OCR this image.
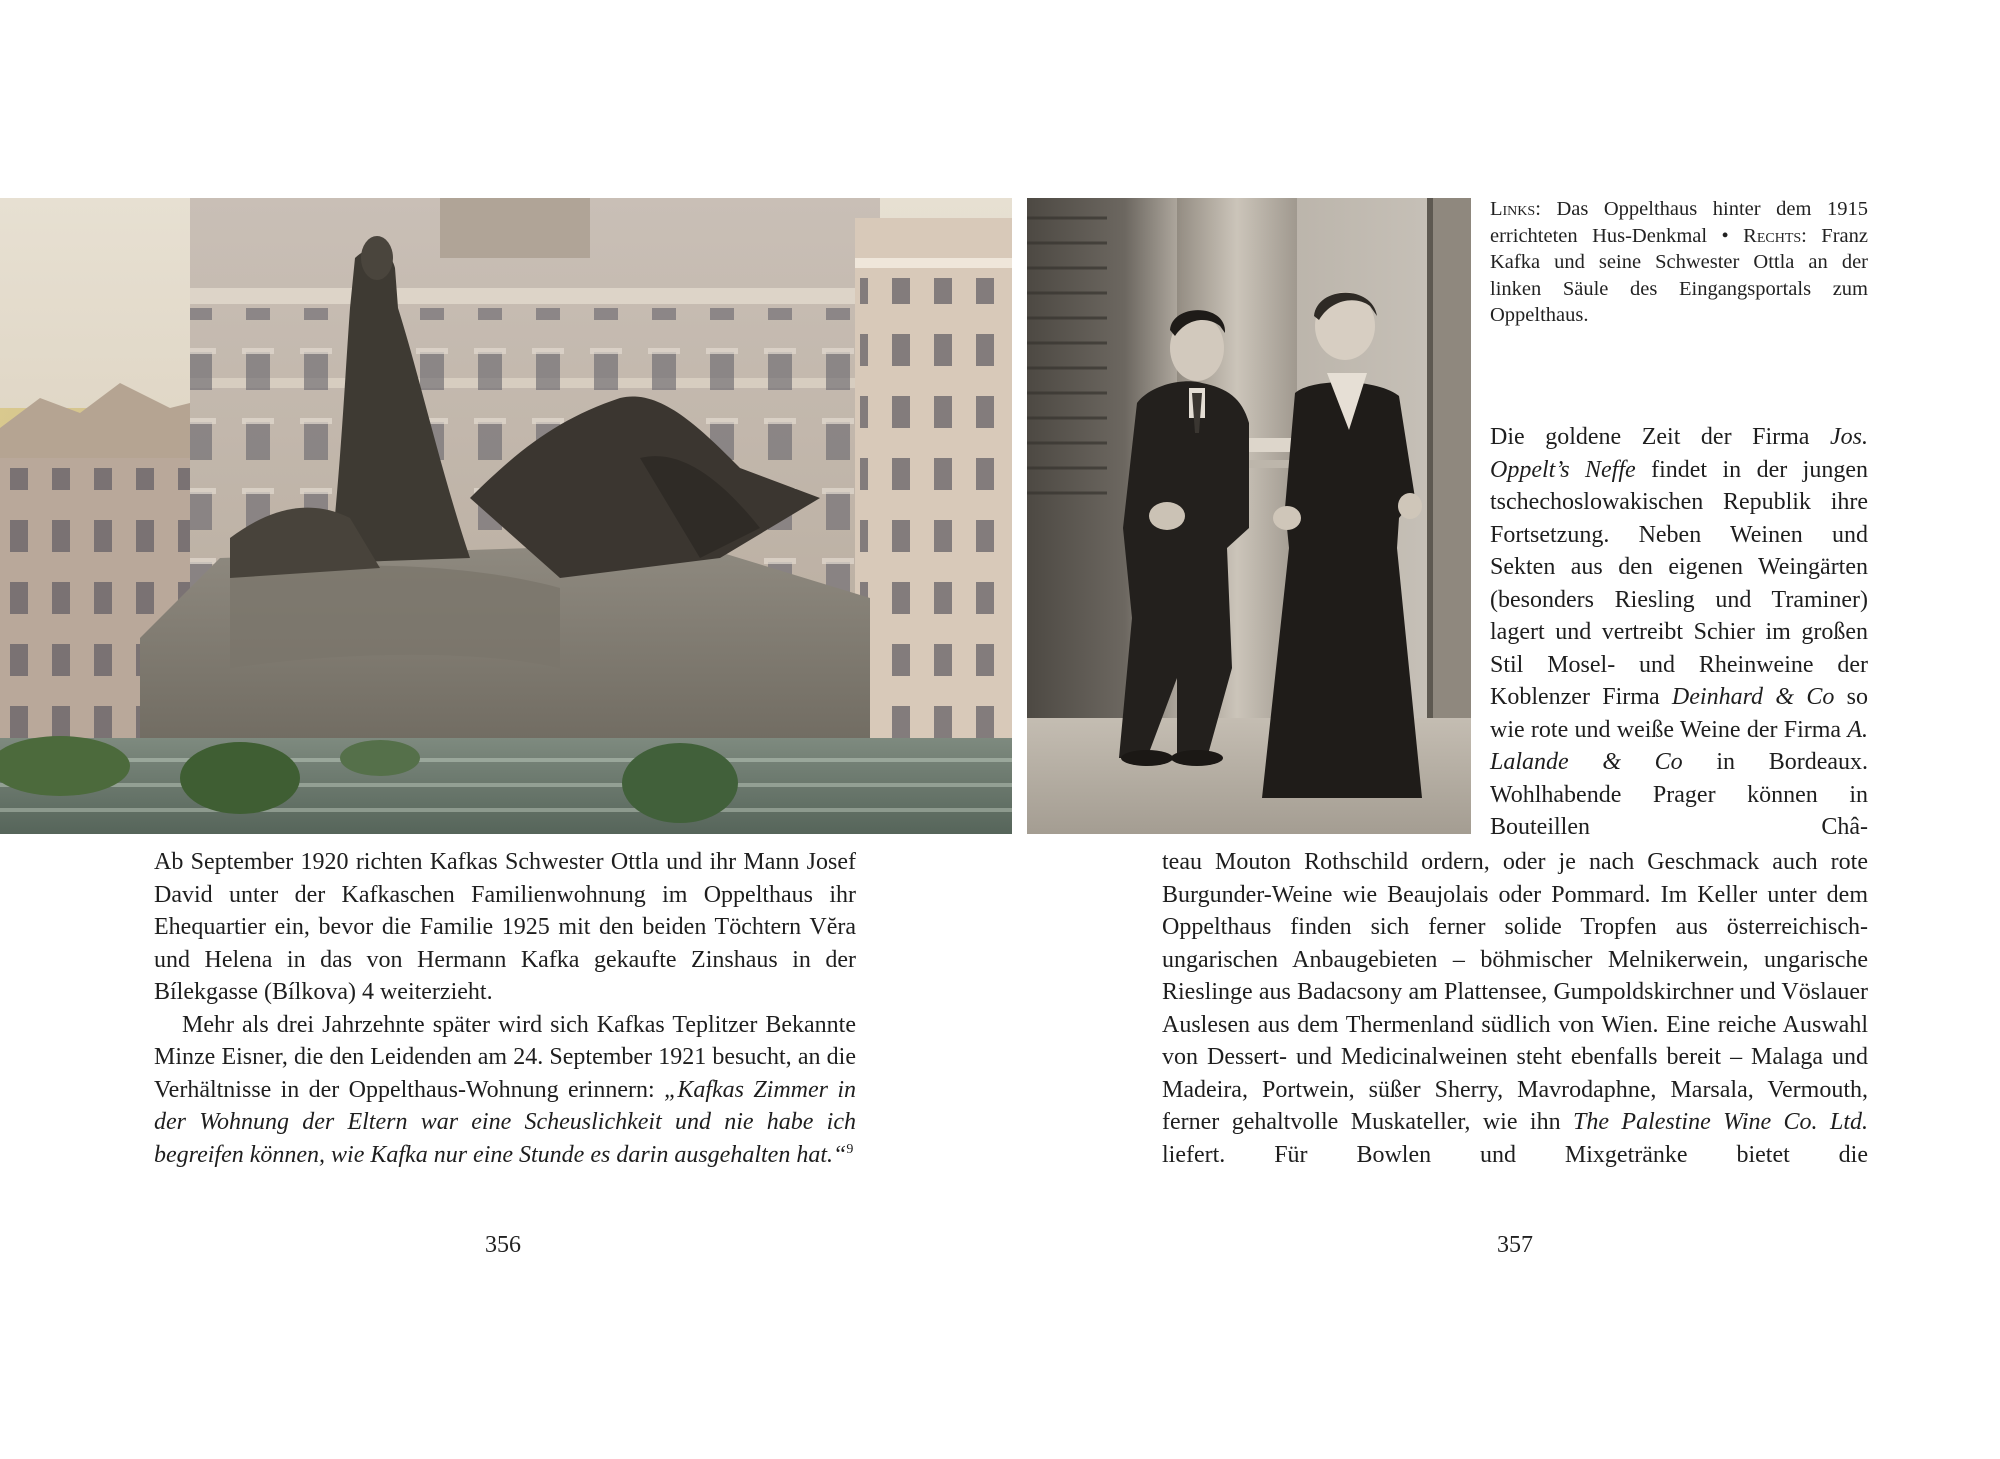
Links: Das Oppelthaus hinter dem 1915 errichteten Hus-Denkmal • Rechts: Franz Kafka und seine Schwester Ottla an der linken Säule des Eingangsportals zum Oppelthaus.

Ab September 1920 richten Kafkas Schwester Ottla und ihr Mann Josef David unter der Kafkaschen Familienwohnung im Oppelthaus ihr Ehequartier ein, bevor die Familie 1925 mit den beiden Töchtern Vĕra und Helena in das von Hermann Kafka gekaufte Zinshaus in der Bílekgasse (Bílkova) 4 weiterzieht.

Mehr als drei Jahrzehnte später wird sich Kafkas Teplitzer Bekannte Minze Eisner, die den Leidenden am 24. September 1921 besucht, an die Verhältnisse in der Oppelthaus-Wohnung erinnern: „Kafkas Zimmer in der Wohnung der Eltern war eine Scheuslichkeit und nie habe ich begreifen können, wie Kafka nur eine Stunde es darin ausgehalten hat.“$^9$

Die goldene Zeit der Firma Jos. Oppelt’s Neffe findet in der jungen tschechoslowakischen Republik ihre Fortsetzung. Neben Weinen und Sekten aus den eigenen Weingärten (besonders Riesling und Traminer) lagert und vertreibt Schier im großen Stil Mosel- und Rheinweine der Koblenzer Firma Deinhard & Co so wie rote und weiße Weine der Firma A. Lalande & Co in Bordeaux. Wohlhabende Prager können in Bouteillen Châ-

teau Mouton Rothschild ordern, oder je nach Geschmack auch rote Burgunder-Weine wie Beaujolais oder Pommard. Im Keller unter dem Oppelthaus finden sich ferner solide Tropfen aus österreichisch-ungarischen Anbaugebieten – böhmischer Melnikerwein, ungarische Rieslinge aus Badacsony am Plattensee, Gumpoldskirchner und Vöslauer Auslesen aus dem Thermenland südlich von Wien. Eine reiche Auswahl von Dessert- und Medicinalweinen steht ebenfalls bereit – Malaga und Madeira, Portwein, süßer Sherry, Mavrodaphne, Marsala, Vermouth, ferner gehaltvolle Muskateller, wie ihn The Palestine Wine Co. Ltd. liefert. Für Bowlen und Mixgetränke bietet die

356	357
